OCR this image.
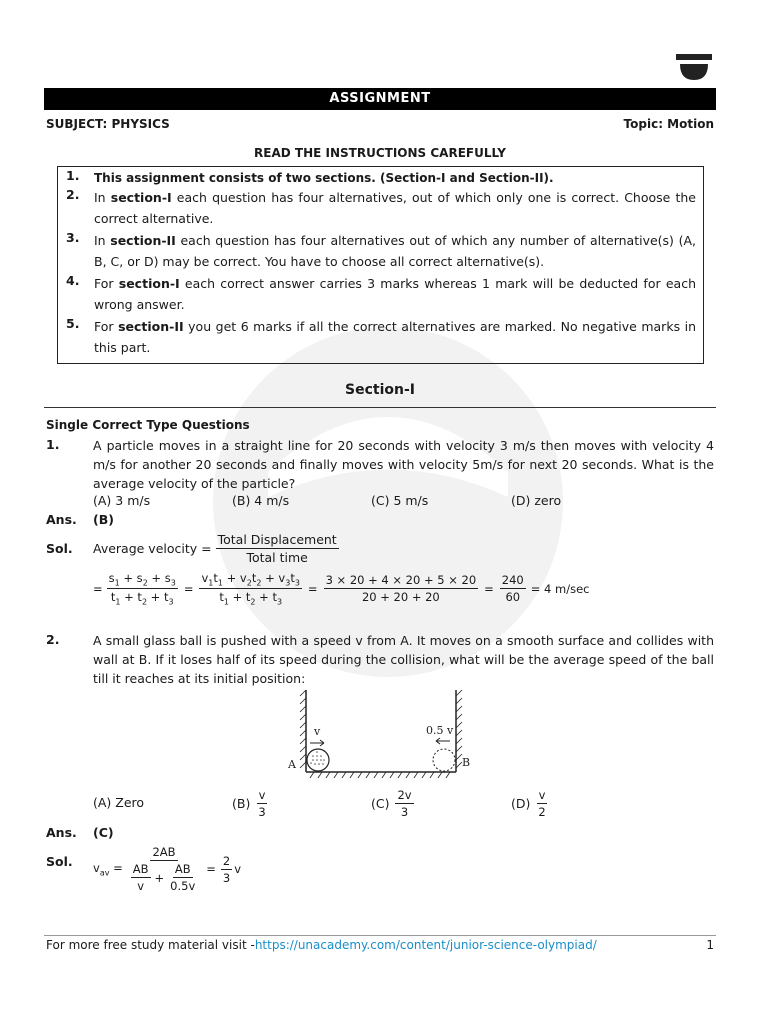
ASSIGNMENT
SUBJECT: PHYSICS	Topic: Motion
READ THE INSTRUCTIONS CAREFULLY
1. This assignment consists of two sections. (Section-I and Section-II).
2. In section-I each question has four alternatives, out of which only one is correct. Choose the correct alternative.
3. In section-II each question has four alternatives out of which any number of alternative(s) (A, B, C, or D) may be correct. You have to choose all correct alternative(s).
4. For section-I each correct answer carries 3 marks whereas 1 mark will be deducted for each wrong answer.
5. For section-II you get 6 marks if all the correct alternatives are marked. No negative marks in this part.
Section-I
Single Correct Type Questions
1.	A particle moves in a straight line for 20 seconds with velocity 3 m/s then moves with velocity 4 m/s for another 20 seconds and finally moves with velocity 5m/s for next 20 seconds. What is the average velocity of the particle?
(A) 3 m/s	(B) 4 m/s	(C) 5 m/s	(D) zero
Ans. (B)
Sol. Average velocity = $\frac{\text{Total Displacement}}{\text{Total time}}$
= $\frac{s_1 + s_2 + s_3}{t_1 + t_2 + t_3} = \frac{v_1t_1 + v_2t_2 + v_3t_3}{t_1 + t_2 + t_3} = \frac{3 \times 20 + 4 \times 20 + 5 \times 20}{20 + 20 + 20} = \frac{240}{60} = 4$ m/sec
2.	A small glass ball is pushed with a speed v from A. It moves on a smooth surface and collides with wall at B. If it loses half of its speed during the collision, what will be the average speed of the ball till it reaches at its initial position:
v	0.5 v
A	B
(A) Zero	$(B) \frac{v}{3}$	$(C) \frac{2v}{3}$	$(D) \frac{v}{2}$
Ans. (C)
Sol. $v_{av} = \frac{2AB}{\frac{AB}{v} + \frac{AB}{0.5v}} = \frac{2}{3}$ v
For more free study material visit -https://unacademy.com/content/junior-science-olympiad/	1
